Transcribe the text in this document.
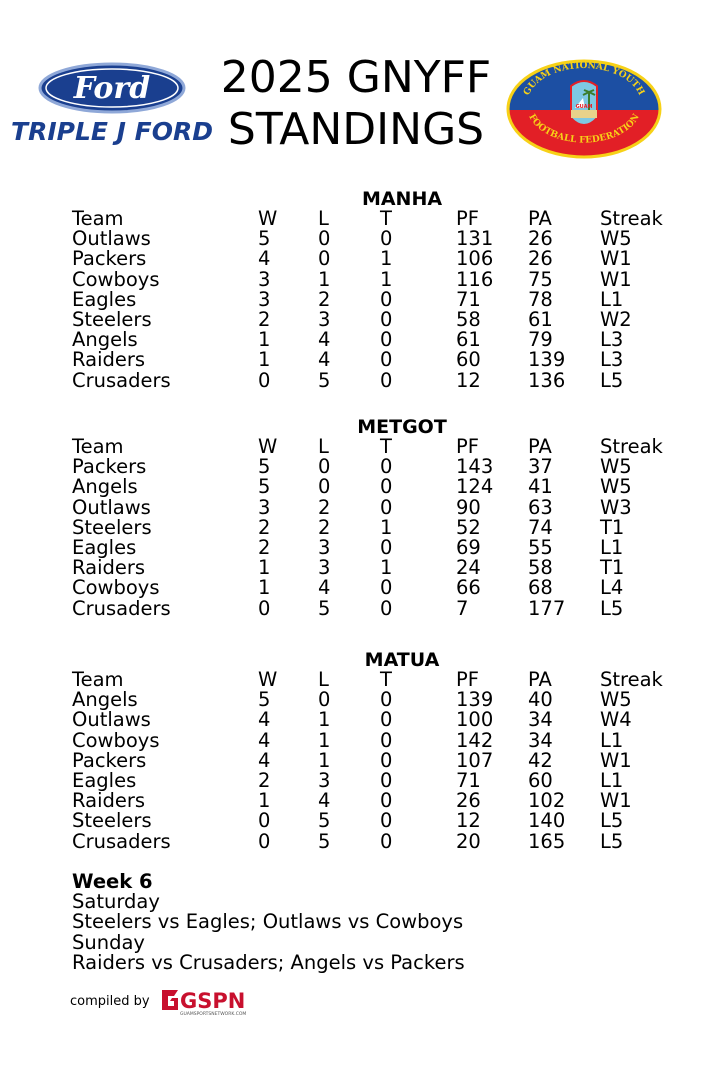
Ford
TRIPLE J FORD
2025 GNYFF
STANDINGS
GUAM NATIONAL YOUTH
FOOTBALL FEDERATION
GUAM
MANHA
Team	W	L	T	PF	PA	Streak
Outlaws	5	0	0	131	26	W5
Packers	4	0	1	106	26	W1
Cowboys	3	1	1	116	75	W1
Eagles	3	2	0	71	78	L1
Steelers	2	3	0	58	61	W2
Angels	1	4	0	61	79	L3
Raiders	1	4	0	60	139	L3
Crusaders	0	5	0	12	136	L5
METGOT
Team	W	L	T	PF	PA	Streak
Packers	5	0	0	143	37	W5
Angels	5	0	0	124	41	W5
Outlaws	3	2	0	90	63	W3
Steelers	2	2	1	52	74	T1
Eagles	2	3	0	69	55	L1
Raiders	1	3	1	24	58	T1
Cowboys	1	4	0	66	68	L4
Crusaders	0	5	0	7	177	L5
MATUA
Team	W	L	T	PF	PA	Streak
Angels	5	0	0	139	40	W5
Outlaws	4	1	0	100	34	W4
Cowboys	4	1	0	142	34	L1
Packers	4	1	0	107	42	W1
Eagles	2	3	0	71	60	L1
Raiders	1	4	0	26	102	W1
Steelers	0	5	0	12	140	L5
Crusaders	0	5	0	20	165	L5
Week 6
Saturday
Steelers vs Eagles; Outlaws vs Cowboys
Sunday
Raiders vs Crusaders; Angels vs Packers
compiled by GSPN
GUAMSPORTSNETWORK.COM
